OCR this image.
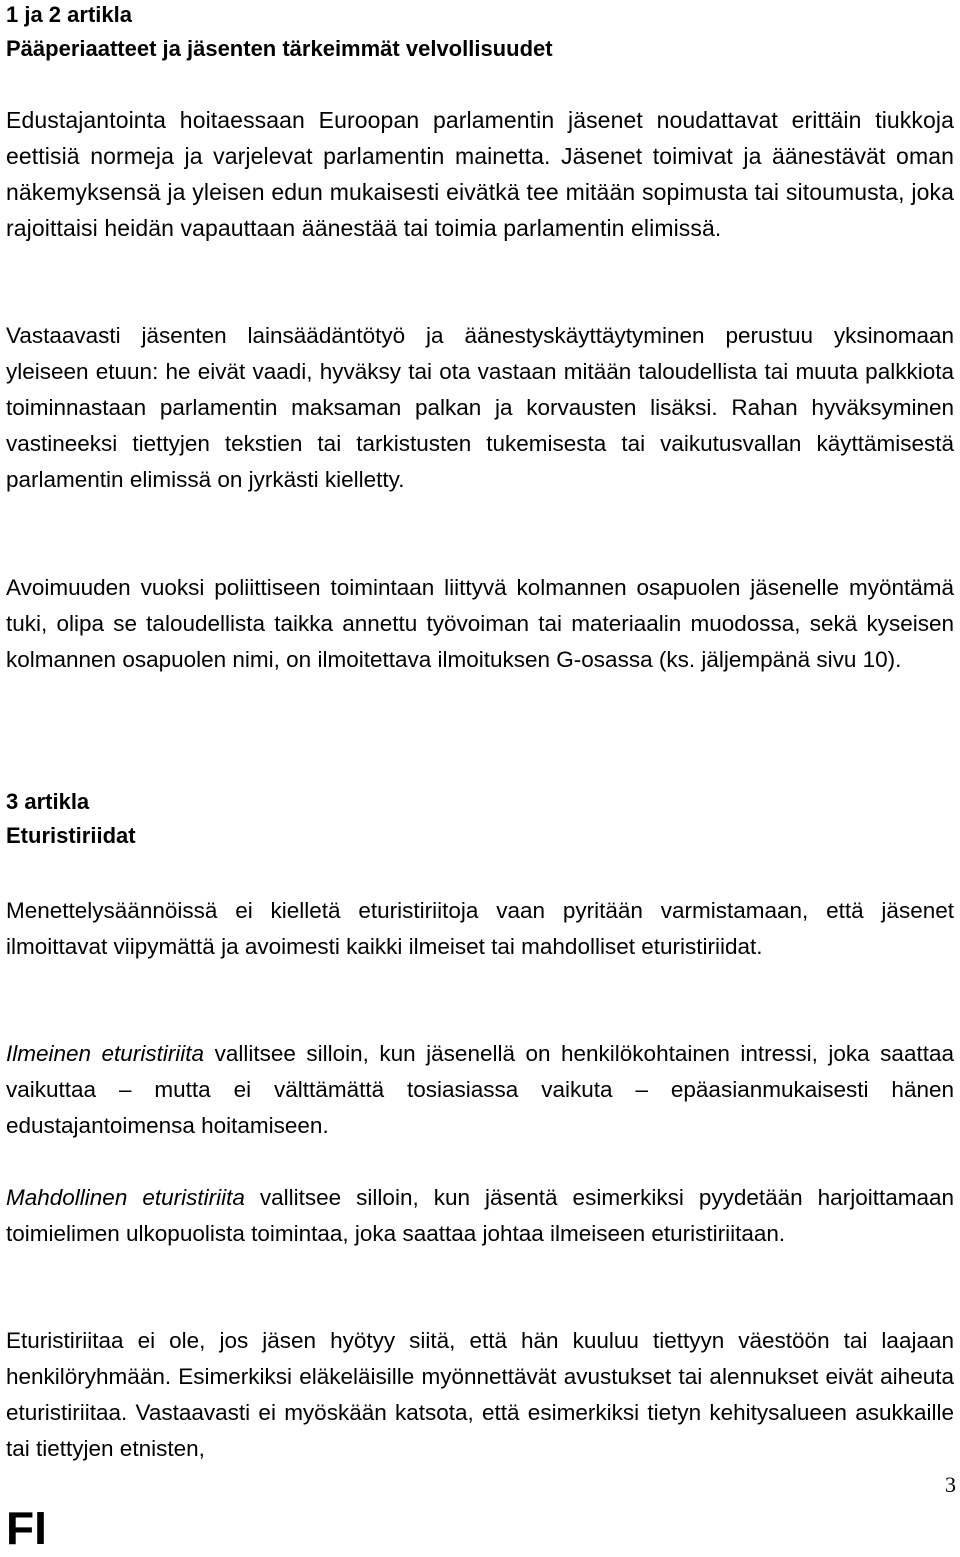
1 ja 2 artikla

Pääperiaatteet ja jäsenten tärkeimmät velvollisuudet

Edustajantointa hoitaessaan Euroopan parlamentin jäsenet noudattavat erittäin tiukkoja eettisiä normeja ja varjelevat parlamentin mainetta. Jäsenet toimivat ja äänestävät oman näkemyksensä ja yleisen edun mukaisesti eivätkä tee mitään sopimusta tai sitoumusta, joka rajoittaisi heidän vapauttaan äänestää tai toimia parlamentin elimissä.

Vastaavasti jäsenten lainsäädäntötyö ja äänestyskäyttäytyminen perustuu yksinomaan yleiseen etuun: he eivät vaadi, hyväksy tai ota vastaan mitään taloudellista tai muuta palkkiota toiminnastaan parlamentin maksaman palkan ja korvausten lisäksi. Rahan hyväksyminen vastineeksi tiettyjen tekstien tai tarkistusten tukemisesta tai vaikutusvallan käyttämisestä parlamentin elimissä on jyrkästi kielletty.

Avoimuuden vuoksi poliittiseen toimintaan liittyvä kolmannen osapuolen jäsenelle myöntämä tuki, olipa se taloudellista taikka annettu työvoiman tai materiaalin muodossa, sekä kyseisen kolmannen osapuolen nimi, on ilmoitettava ilmoituksen G-osassa (ks. jäljempänä sivu 10).

3 artikla

Eturistiriidat

Menettelysäännöissä ei kielletä eturistiriitoja vaan pyritään varmistamaan, että jäsenet ilmoittavat viipymättä ja avoimesti kaikki ilmeiset tai mahdolliset eturistiriidat.

Ilmeinen eturistiriita vallitsee silloin, kun jäsenellä on henkilökohtainen intressi, joka saattaa vaikuttaa – mutta ei välttämättä tosiasiassa vaikuta – epäasianmukaisesti hänen edustajantoimensa hoitamiseen.

Mahdollinen eturistiriita vallitsee silloin, kun jäsentä esimerkiksi pyydetään harjoittamaan toimielimen ulkopuolista toimintaa, joka saattaa johtaa ilmeiseen eturistiriitaan.

Eturistiriitaa ei ole, jos jäsen hyötyy siitä, että hän kuuluu tiettyyn väestöön tai laajaan henkilöryhmään. Esimerkiksi eläkeläisille myönnettävät avustukset tai alennukset eivät aiheuta eturistiriitaa. Vastaavasti ei myöskään katsota, että esimerkiksi tietyn kehitysalueen asukkaille tai tiettyjen etnisten,

3
FI
